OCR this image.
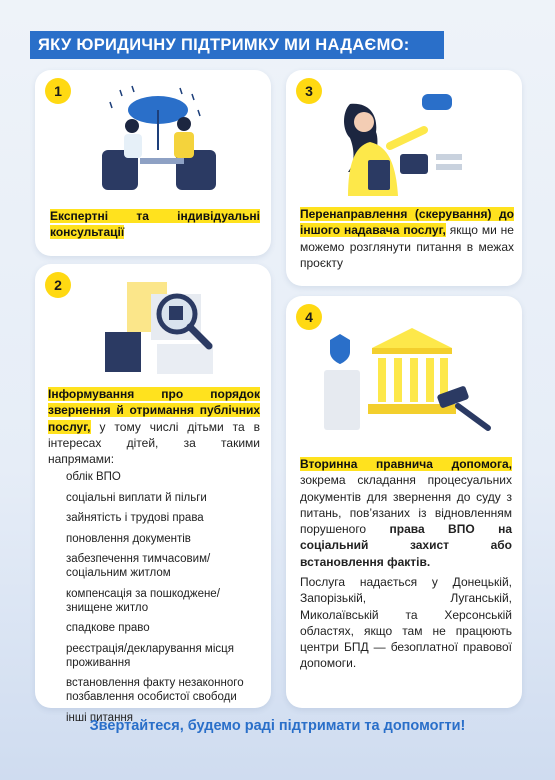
ЯКУ ЮРИДИЧНУ ПІДТРИМКУ МИ НАДАЄМО:
1
Експертні та індивідуальні консультації
3
Перенаправлення (скерування) до іншого надавача послуг, якщо ми не можемо розглянути питання в межах проєкту
2
Інформування про порядок звернення й отримання публічних послуг, у тому числі дітьми та в інтересах дітей, за такими напрямами:
облік ВПО
соціальні виплати й пільги
зайнятість і трудові права
поновлення документів
забезпечення тимчасовим/ соціальним житлом
компенсація за пошкоджене/ знищене житло
спадкове право
реєстрація/декларування місця проживання
встановлення факту незаконного позбавлення особистої свободи
інші питання
4
Вторинна правнича допомога, зокрема складання процесуальних документів для звернення до суду з питань, пов’язаних із відновленням порушеного права ВПО на соціальний захист або встановлення фактів.
Послуга надається у Донецькій, Запорізькій, Луганській, Миколаївській та Херсонській областях, якщо там не працюють центри БПД — безоплатної правової допомоги.
Звертайтеся, будемо раді підтримати та допомогти!
